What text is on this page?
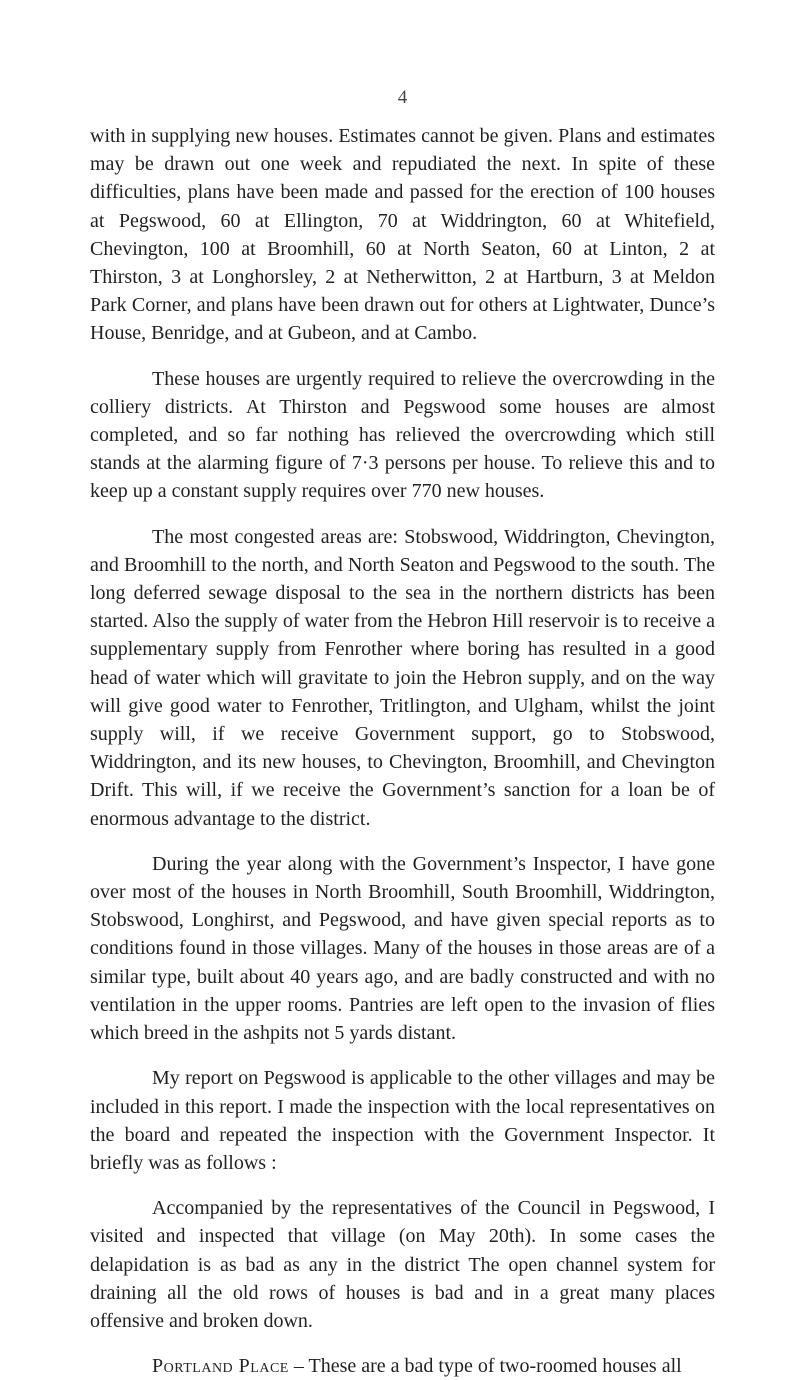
4

with in supplying new houses. Estimates cannot be given. Plans and estimates may be drawn out one week and repudiated the next. In spite of these difficulties, plans have been made and passed for the erection of 100 houses at Pegswood, 60 at Ellington, 70 at Widdrington, 60 at Whitefield, Chevington, 100 at Broomhill, 60 at North Seaton, 60 at Linton, 2 at Thirston, 3 at Longhorsley, 2 at Netherwitton, 2 at Hartburn, 3 at Meldon Park Corner, and plans have been drawn out for others at Lightwater, Dunce’s House, Benridge, and at Gubeon, and at Cambo.

These houses are urgently required to relieve the overcrowding in the colliery districts. At Thirston and Pegswood some houses are almost completed, and so far nothing has relieved the overcrowding which still stands at the alarming figure of 7·3 persons per house. To relieve this and to keep up a constant supply requires over 770 new houses.

The most congested areas are: Stobswood, Widdrington, Chevington, and Broomhill to the north, and North Seaton and Pegswood to the south. The long deferred sewage disposal to the sea in the northern districts has been started. Also the supply of water from the Hebron Hill reservoir is to receive a supplementary supply from Fenrother where boring has resulted in a good head of water which will gravitate to join the Hebron supply, and on the way will give good water to Fenrother, Tritlington, and Ulgham, whilst the joint supply will, if we receive Government support, go to Stobswood, Widdrington, and its new houses, to Chevington, Broomhill, and Chevington Drift. This will, if we receive the Government’s sanction for a loan be of enormous advantage to the district.

During the year along with the Government’s Inspector, I have gone over most of the houses in North Broomhill, South Broomhill, Widdrington, Stobswood, Longhirst, and Pegswood, and have given special reports as to conditions found in those villages. Many of the houses in those areas are of a similar type, built about 40 years ago, and are badly constructed and with no ventilation in the upper rooms. Pantries are left open to the invasion of flies which breed in the ashpits not 5 yards distant.

My report on Pegswood is applicable to the other villages and may be included in this report. I made the inspection with the local representatives on the board and repeated the inspection with the Government Inspector. It briefly was as follows :

Accompanied by the representatives of the Council in Pegswood, I visited and inspected that village (on May 20th). In some cases the delapidation is as bad as any in the district The open channel system for draining all the old rows of houses is bad and in a great many places offensive and broken down.

Portland Place – These are a bad type of two-roomed houses all
